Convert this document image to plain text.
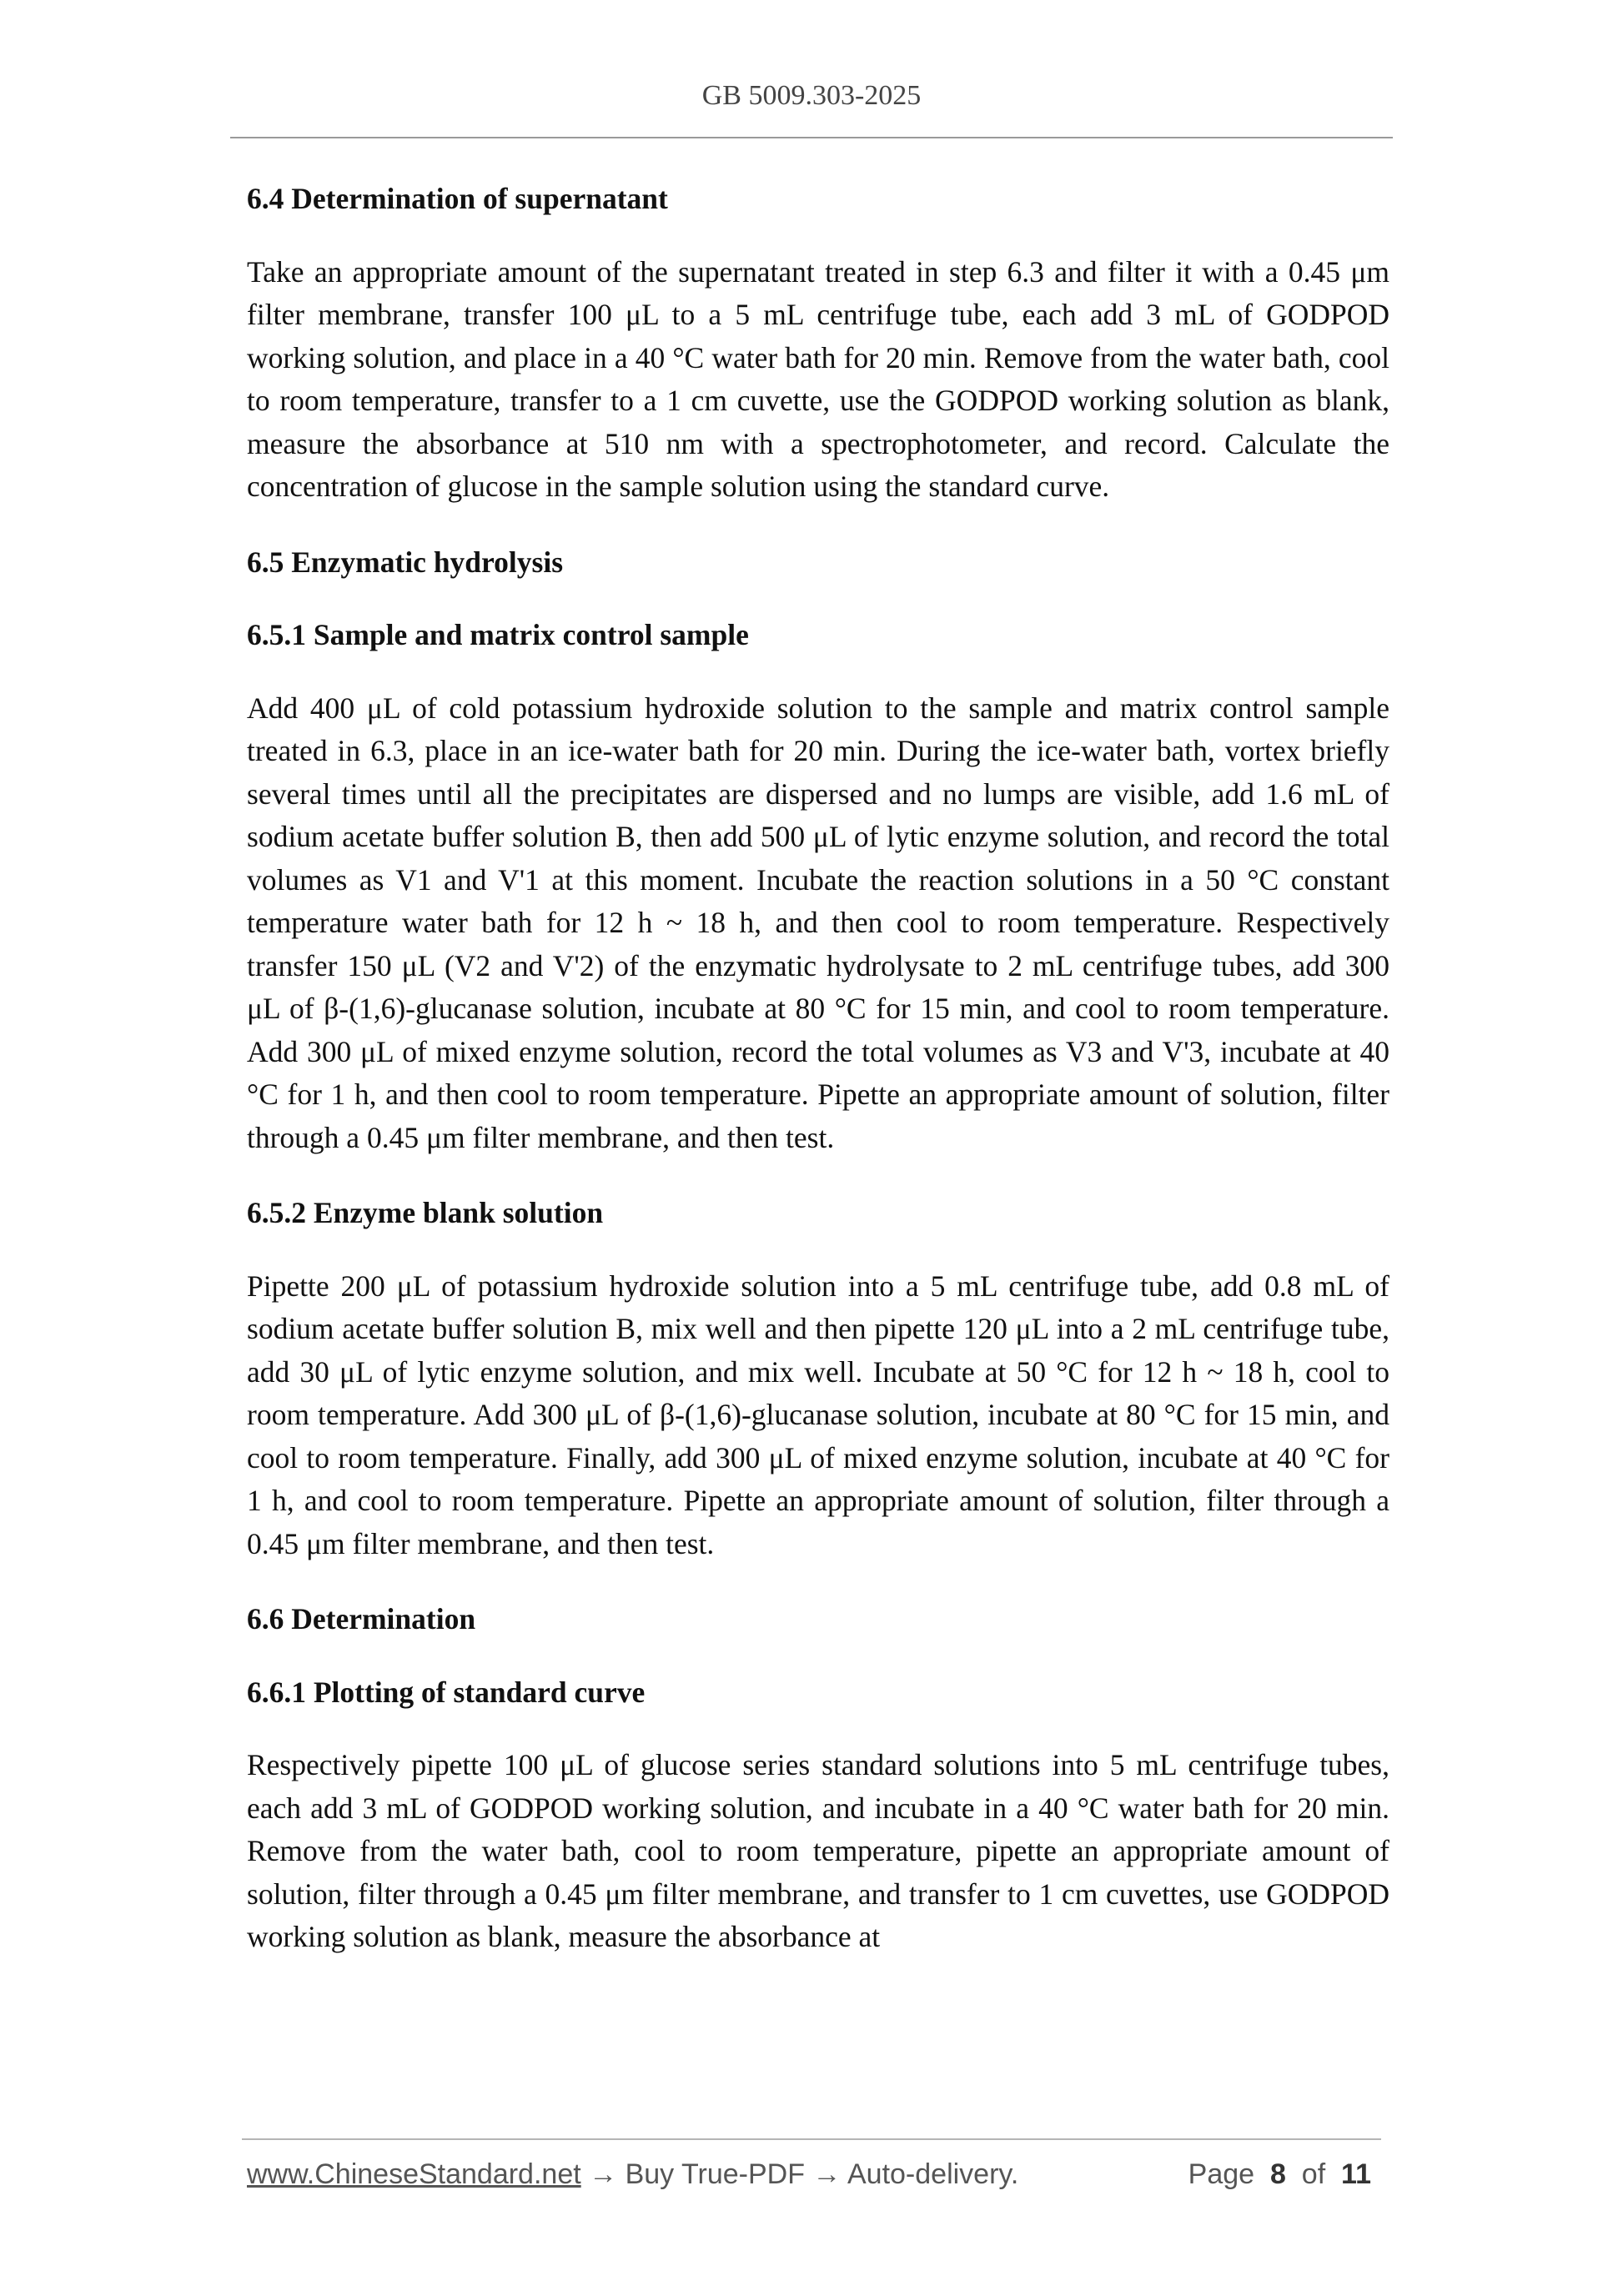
GB 5009.303-2025
6.4 Determination of supernatant

Take an appropriate amount of the supernatant treated in step 6.3 and filter it with a 0.45 μm filter membrane, transfer 100 μL to a 5 mL centrifuge tube, each add 3 mL of GODPOD working solution, and place in a 40 °C water bath for 20 min. Remove from the water bath, cool to room temperature, transfer to a 1 cm cuvette, use the GODPOD working solution as blank, measure the absorbance at 510 nm with a spectrophotometer, and record. Calculate the concentration of glucose in the sample solution using the standard curve.

6.5 Enzymatic hydrolysis
6.5.1 Sample and matrix control sample

Add 400 μL of cold potassium hydroxide solution to the sample and matrix control sample treated in 6.3, place in an ice-water bath for 20 min. During the ice-water bath, vortex briefly several times until all the precipitates are dispersed and no lumps are visible, add 1.6 mL of sodium acetate buffer solution B, then add 500 μL of lytic enzyme solution, and record the total volumes as V1 and V'1 at this moment. Incubate the reaction solutions in a 50 °C constant temperature water bath for 12 h ~ 18 h, and then cool to room temperature. Respectively transfer 150 μL (V2 and V'2) of the enzymatic hydrolysate to 2 mL centrifuge tubes, add 300 μL of β-(1,6)-glucanase solution, incubate at 80 °C for 15 min, and cool to room temperature. Add 300 μL of mixed enzyme solution, record the total volumes as V3 and V'3, incubate at 40 °C for 1 h, and then cool to room temperature. Pipette an appropriate amount of solution, filter through a 0.45 μm filter membrane, and then test.

6.5.2 Enzyme blank solution

Pipette 200 μL of potassium hydroxide solution into a 5 mL centrifuge tube, add 0.8 mL of sodium acetate buffer solution B, mix well and then pipette 120 μL into a 2 mL centrifuge tube, add 30 μL of lytic enzyme solution, and mix well. Incubate at 50 °C for 12 h ~ 18 h, cool to room temperature. Add 300 μL of β-(1,6)-glucanase solution, incubate at 80 °C for 15 min, and cool to room temperature. Finally, add 300 μL of mixed enzyme solution, incubate at 40 °C for 1 h, and cool to room temperature. Pipette an appropriate amount of solution, filter through a 0.45 μm filter membrane, and then test.

6.6 Determination
6.6.1 Plotting of standard curve

Respectively pipette 100 μL of glucose series standard solutions into 5 mL centrifuge tubes, each add 3 mL of GODPOD working solution, and incubate in a 40 °C water bath for 20 min. Remove from the water bath, cool to room temperature, pipette an appropriate amount of solution, filter through a 0.45 μm filter membrane, and transfer to 1 cm cuvettes, use GODPOD working solution as blank, measure the absorbance at

www.ChineseStandard.net → Buy True-PDF → Auto-delivery.	Page 8 of 11
